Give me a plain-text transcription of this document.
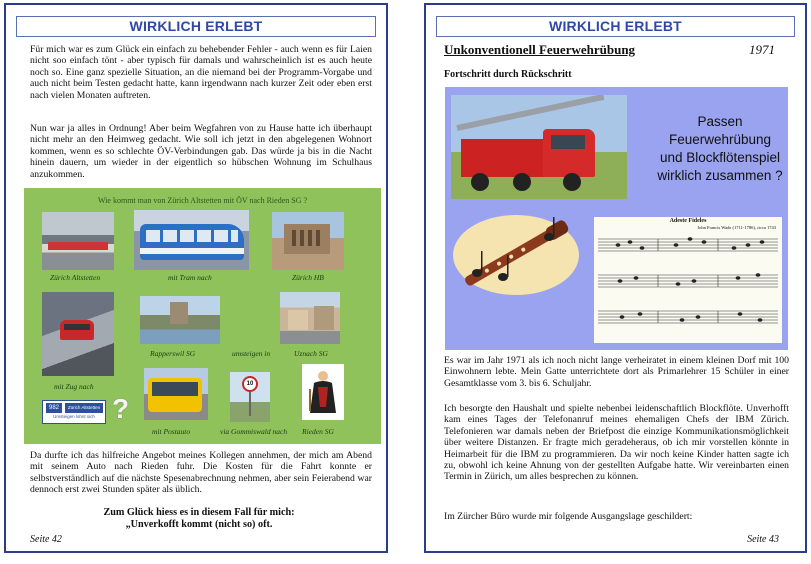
WIRKLICH ERLEBT

Für mich war es zum Glück ein einfach zu behebender Fehler - auch wenn es für Laien nicht soo einfach tönt - aber typisch für damals und wahrscheinlich ist es auch heute noch so. Eine ganz spezielle Situation, an die niemand bei der Programm-Vorgabe und auch nicht beim Testen gedacht hatte, kann irgendwann nach kurzer Zeit oder eben erst nach vielen Monaten auftreten.

Nun war ja alles in Ordnung! Aber beim Wegfahren von zu Hause hatte ich überhaupt nicht mehr an den Heimweg gedacht. Wie soll ich jetzt in den abgelegenen Wohnort kommen, wenn es so schlechte ÖV-Verbindungen gab. Das würde ja bis in die Nacht hinein dauern, um wieder in der eigentlich so hübschen Wohnung im Schulhaus anzukommen.

Wie kommt man von Zürich Altstetten mit ÖV nach Rieden SG ?
Zürich Altstetten	mit Tram nach	Zürich HB
mit Zug nach
Rapperswil SG	umsteigen in	Uznach SG
982	Zürich Altstetten
Umsteigen lohnt sich ?
mit Postauto
10
via Gommiswald nach Rieden SG

Da durfte ich das hilfreiche Angebot meines Kollegen annehmen, der mich am Abend mit seinem Auto nach Rieden fuhr. Die Kosten für die Fahrt konnte er selbstverständlich auf die nächste Spesenabrechnung nehmen, aber sein Feierabend war dennoch erst zwei Stunden später als üblich.

Zum Glück hiess es in diesem Fall für mich:
„Unverkofft kommt (nicht so) oft.
Seite 42
WIRKLICH ERLEBT
Unkonventionell Feuerwehrübung	1971
Fortschritt durch Rückschritt
Passen Feuerwehrübung und Blockflötenspiel wirklich zusammen ?
Adeste Fideles
John Francis Wade (1711-1786), circa 1743

Es war im Jahr 1971 als ich noch nicht lange verheiratet in einem kleinen Dorf mit 100 Einwohnern lebte. Mein Gatte unterrichtete dort als Primarlehrer 15 Schüler in einer Gesamtklasse vom 3. bis 6. Schuljahr.

Ich besorgte den Haushalt und spielte nebenbei leidenschaftlich Blockflöte. Unverhofft kam eines Tages der Telefonanruf meines ehemaligen Chefs der IBM Zürich. Telefonieren war damals neben der Briefpost die einzige Kommunikationsmöglichkeit über weitere Distanzen. Er fragte mich geradeheraus, ob ich mir vorstellen könnte in Heimarbeit für die IBM zu programmieren. Da wir noch keine Kinder hatten sagte ich zu, obwohl ich keine Ahnung von der gestellten Aufgabe hatte. Wir vereinbarten einen Termin in Zürich, um alles besprechen zu können.

Im Zürcher Büro wurde mir folgende Ausgangslage geschildert:

Seite 43
